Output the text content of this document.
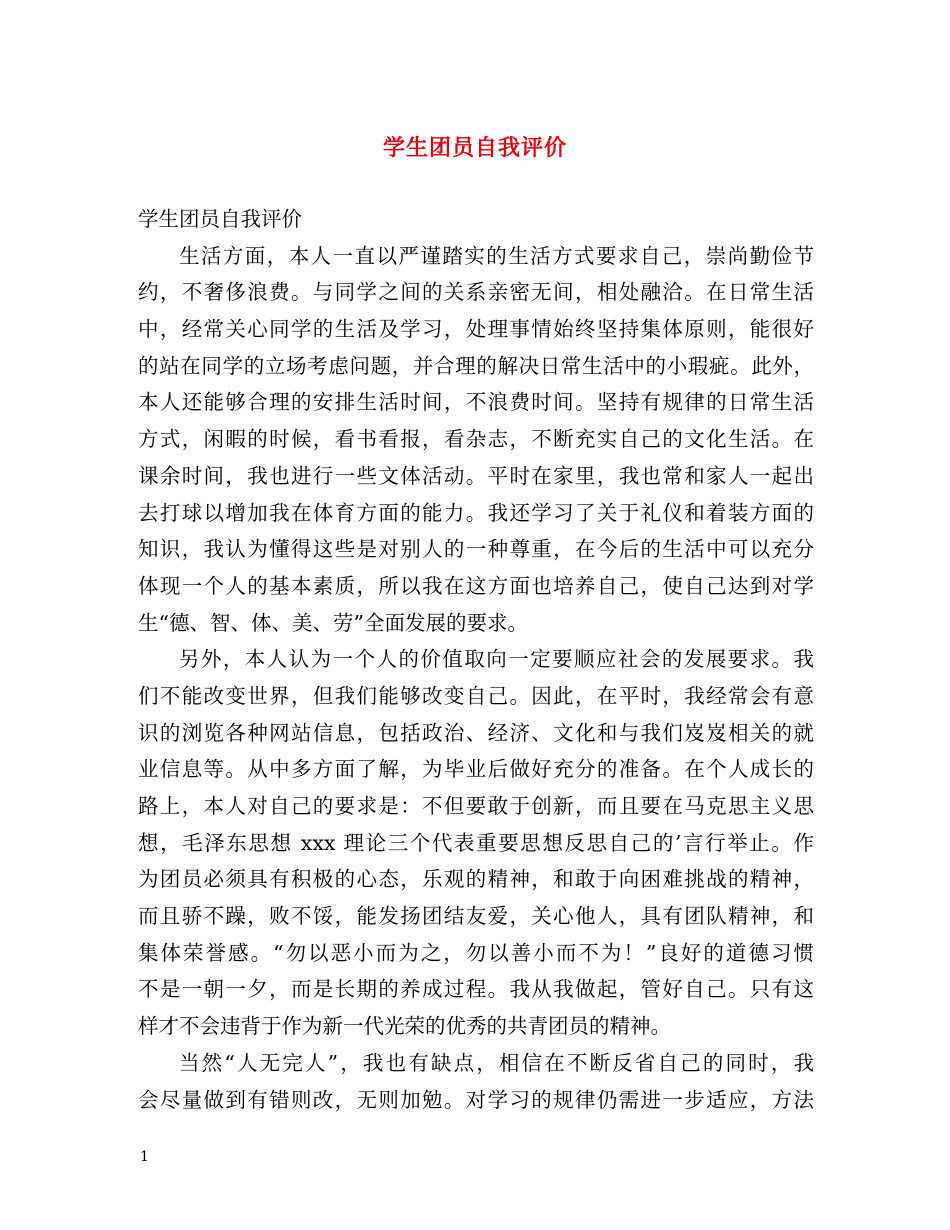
学生团员自我评价
学生团员自我评价
生活方面，本人一直以严谨踏实的生活方式要求自己，崇尚勤俭节
约，不奢侈浪费。与同学之间的关系亲密无间，相处融洽。在日常生活
中，经常关心同学的生活及学习，处理事情始终坚持集体原则，能很好
的站在同学的立场考虑问题，并合理的解决日常生活中的小瑕疵。此外，
本人还能够合理的安排生活时间，不浪费时间。坚持有规律的日常生活
方式，闲暇的时候，看书看报，看杂志，不断充实自己的文化生活。在
课余时间，我也进行一些文体活动。平时在家里，我也常和家人一起出
去打球以增加我在体育方面的能力。我还学习了关于礼仪和着装方面的
知识，我认为懂得这些是对别人的一种尊重，在今后的生活中可以充分
体现一个人的基本素质，所以我在这方面也培养自己，使自己达到对学
生“德、智、体、美、劳”全面发展的要求。
另外，本人认为一个人的价值取向一定要顺应社会的发展要求。我
们不能改变世界，但我们能够改变自己。因此，在平时，我经常会有意
识的浏览各种网站信息，包括政治、经济、文化和与我们岌岌相关的就
业信息等。从中多方面了解，为毕业后做好充分的准备。在个人成长的
路上，本人对自己的要求是：不但要敢于创新，而且要在马克思主义思
想，毛泽东思想 xxx 理论三个代表重要思想反思自己的’言行举止。作
为团员必须具有积极的心态，乐观的精神，和敢于向困难挑战的精神，
而且骄不躁，败不馁，能发扬团结友爱，关心他人，具有团队精神，和
集体荣誉感。“勿以恶小而为之，勿以善小而不为！”良好的道德习惯
不是一朝一夕，而是长期的养成过程。我从我做起，管好自己。只有这
样才不会违背于作为新一代光荣的优秀的共青团员的精神。
当然“人无完人”，我也有缺点，相信在不断反省自己的同时，我
会尽量做到有错则改，无则加勉。对学习的规律仍需进一步适应，方法
1
